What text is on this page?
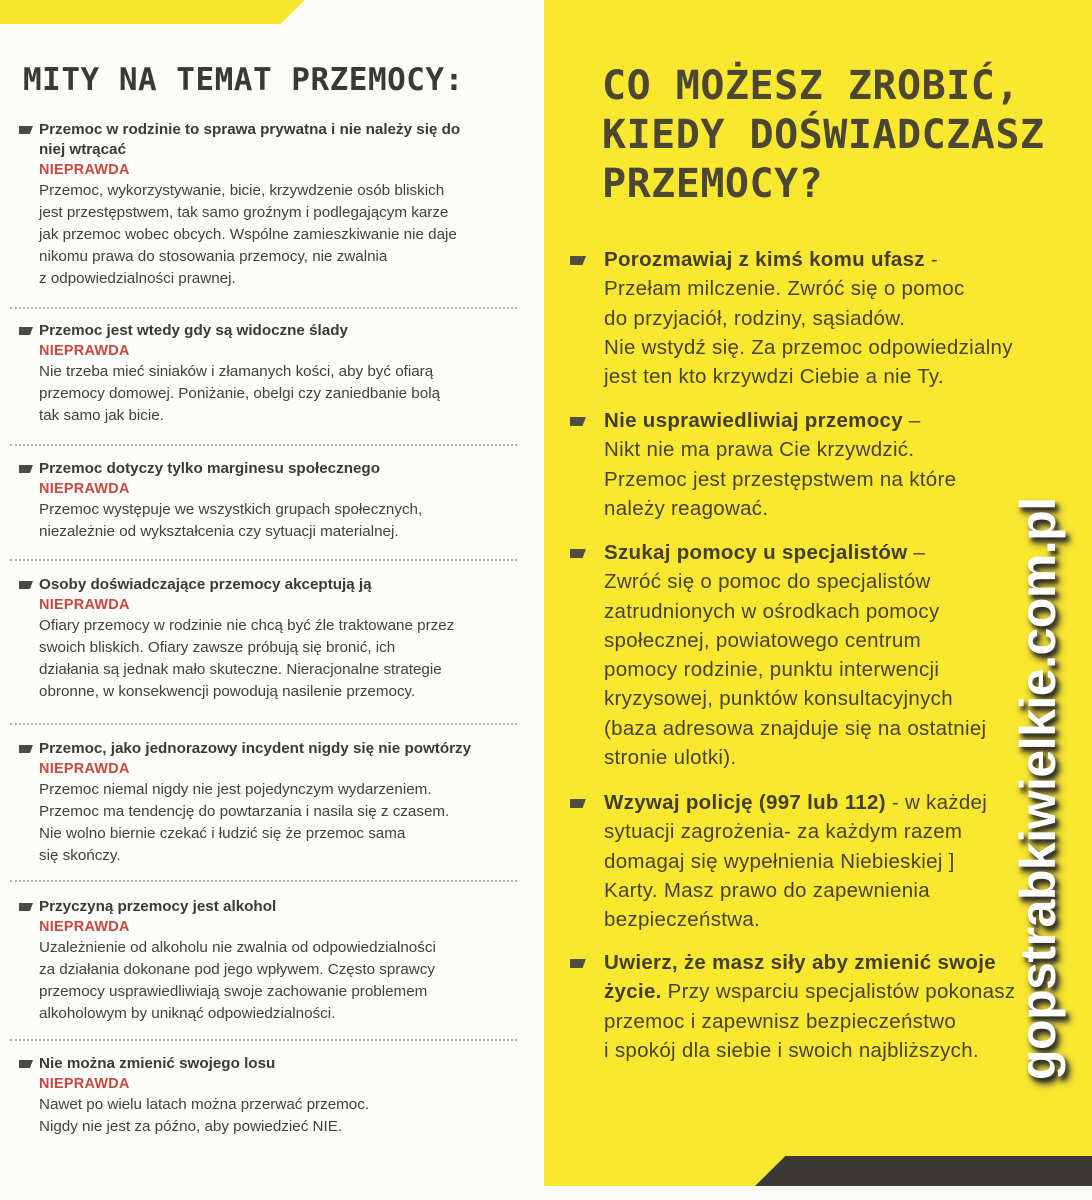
MITY NA TEMAT PRZEMOCY:
Przemoc w rodzinie to sprawa prywatna i nie należy się do
niej wtrącać
NIEPRAWDA
Przemoc, wykorzystywanie, bicie, krzywdzenie osób bliskich
jest przestępstwem, tak samo groźnym i podlegającym karze
jak przemoc wobec obcych. Wspólne zamieszkiwanie nie daje
nikomu prawa do stosowania przemocy, nie zwalnia
z odpowiedzialności prawnej.
Przemoc jest wtedy gdy są widoczne ślady
NIEPRAWDA
Nie trzeba mieć siniaków i złamanych kości, aby być ofiarą
przemocy domowej. Poniżanie, obelgi czy zaniedbanie bolą
tak samo jak bicie.
Przemoc dotyczy tylko marginesu społecznego
NIEPRAWDA
Przemoc występuje we wszystkich grupach społecznych,
niezależnie od wykształcenia czy sytuacji materialnej.
Osoby doświadczające przemocy akceptują ją
NIEPRAWDA
Ofiary przemocy w rodzinie nie chcą być źle traktowane przez
swoich bliskich. Ofiary zawsze próbują się bronić, ich
działania są jednak mało skuteczne. Nieracjonalne strategie
obronne, w konsekwencji powodują nasilenie przemocy.
Przemoc, jako jednorazowy incydent nigdy się nie powtórzy
NIEPRAWDA
Przemoc niemal nigdy nie jest pojedynczym wydarzeniem.
Przemoc ma tendencję do powtarzania i nasila się z czasem.
Nie wolno biernie czekać i łudzić się że przemoc sama
się skończy.
Przyczyną przemocy jest alkohol
NIEPRAWDA
Uzależnienie od alkoholu nie zwalnia od odpowiedzialności
za działania dokonane pod jego wpływem. Często sprawcy
przemocy usprawiedliwiają swoje zachowanie problemem
alkoholowym by uniknąć odpowiedzialności.
Nie można zmienić swojego losu
NIEPRAWDA
Nawet po wielu latach można przerwać przemoc.
Nigdy nie jest za późno, aby powiedzieć NIE.
CO MOŻESZ ZROBIĆ,
KIEDY DOŚWIADCZASZ
PRZEMOCY?
Porozmawiaj z kimś komu ufasz -
Przełam milczenie. Zwróć się o pomoc
do przyjaciół, rodziny, sąsiadów.
Nie wstydź się. Za przemoc odpowiedzialny
jest ten kto krzywdzi Ciebie a nie Ty.
Nie usprawiedliwiaj przemocy –
Nikt nie ma prawa Cie krzywdzić.
Przemoc jest przestępstwem na które
należy reagować.
Szukaj pomocy u specjalistów –
Zwróć się o pomoc do specjalistów
zatrudnionych w ośrodkach pomocy
społecznej, powiatowego centrum
pomocy rodzinie, punktu interwencji
kryzysowej, punktów konsultacyjnych
(baza adresowa znajduje się na ostatniej
stronie ulotki).
Wzywaj policję (997 lub 112) - w każdej
sytuacji zagrożenia- za każdym razem
domagaj się wypełnienia Niebieskiej ]
Karty. Masz prawo do zapewnienia
bezpieczeństwa.
Uwierz, że masz siły aby zmienić swoje
życie. Przy wsparciu specjalistów pokonasz
przemoc i zapewnisz bezpieczeństwo
i spokój dla siebie i swoich najbliższych. gopstrabkiwielkie.com.pl
